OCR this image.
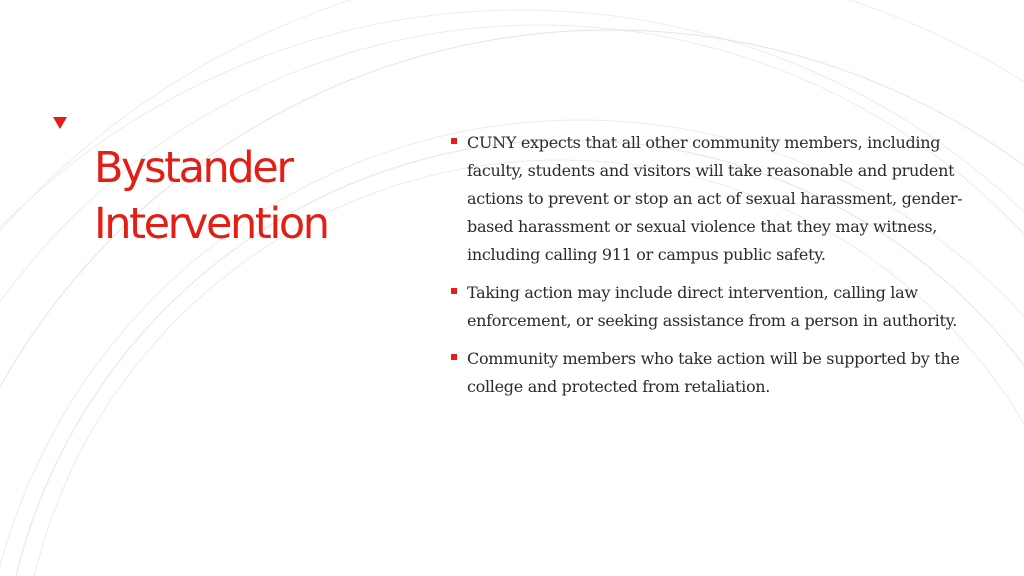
Bystander
Intervention
CUNY expects that all other community members, including faculty, students and visitors will take reasonable and prudent actions to prevent or stop an act of sexual harassment, gender-based harassment or sexual violence that they may witness, including calling 911 or campus public safety.
Taking action may include direct intervention, calling law enforcement, or seeking assistance from a person in authority.
Community members who take action will be supported by the college and protected from retaliation.
